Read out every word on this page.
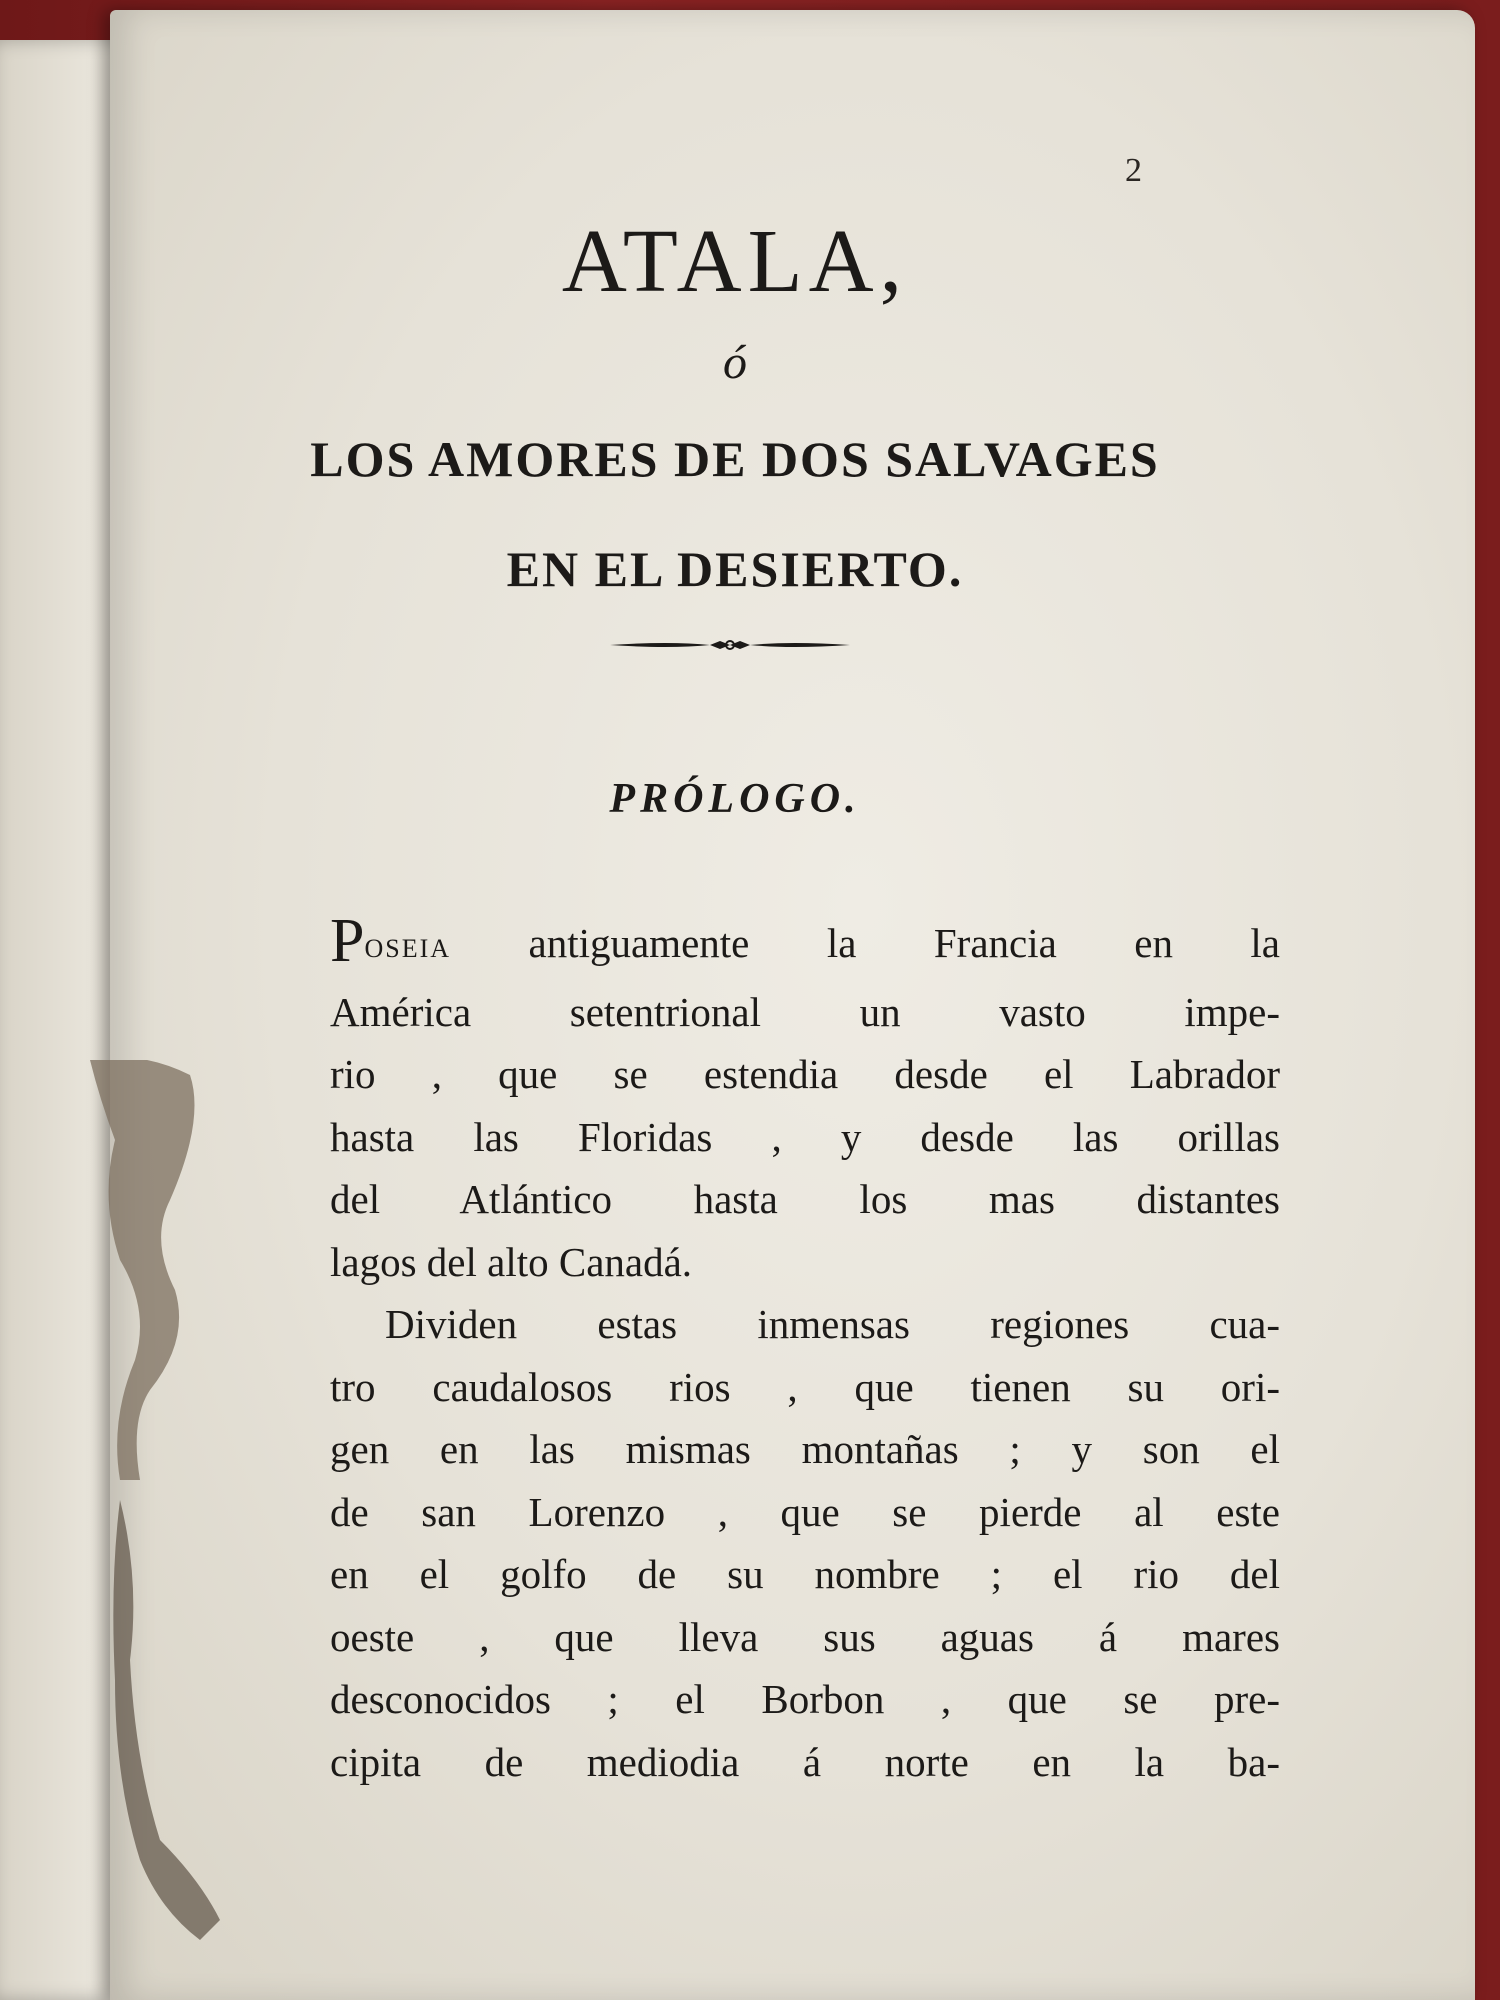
2
ATALA,
ó
LOS AMORES DE DOS SALVAGES
EN EL DESIERTO.
PRÓLOGO.
POSEIA antiguamente la Francia en la
América setentrional un vasto impe-
rio , que se estendia desde el Labrador
hasta las Floridas , y desde las orillas
del Atlántico hasta los mas distantes
lagos del alto Canadá.
Dividen estas inmensas regiones cua-
tro caudalosos rios , que tienen su ori-
gen en las mismas montañas ; y son el
de san Lorenzo , que se pierde al este
en el golfo de su nombre ; el rio del
oeste , que lleva sus aguas á mares
desconocidos ; el Borbon , que se pre-
cipita de mediodia á norte en la ba-
